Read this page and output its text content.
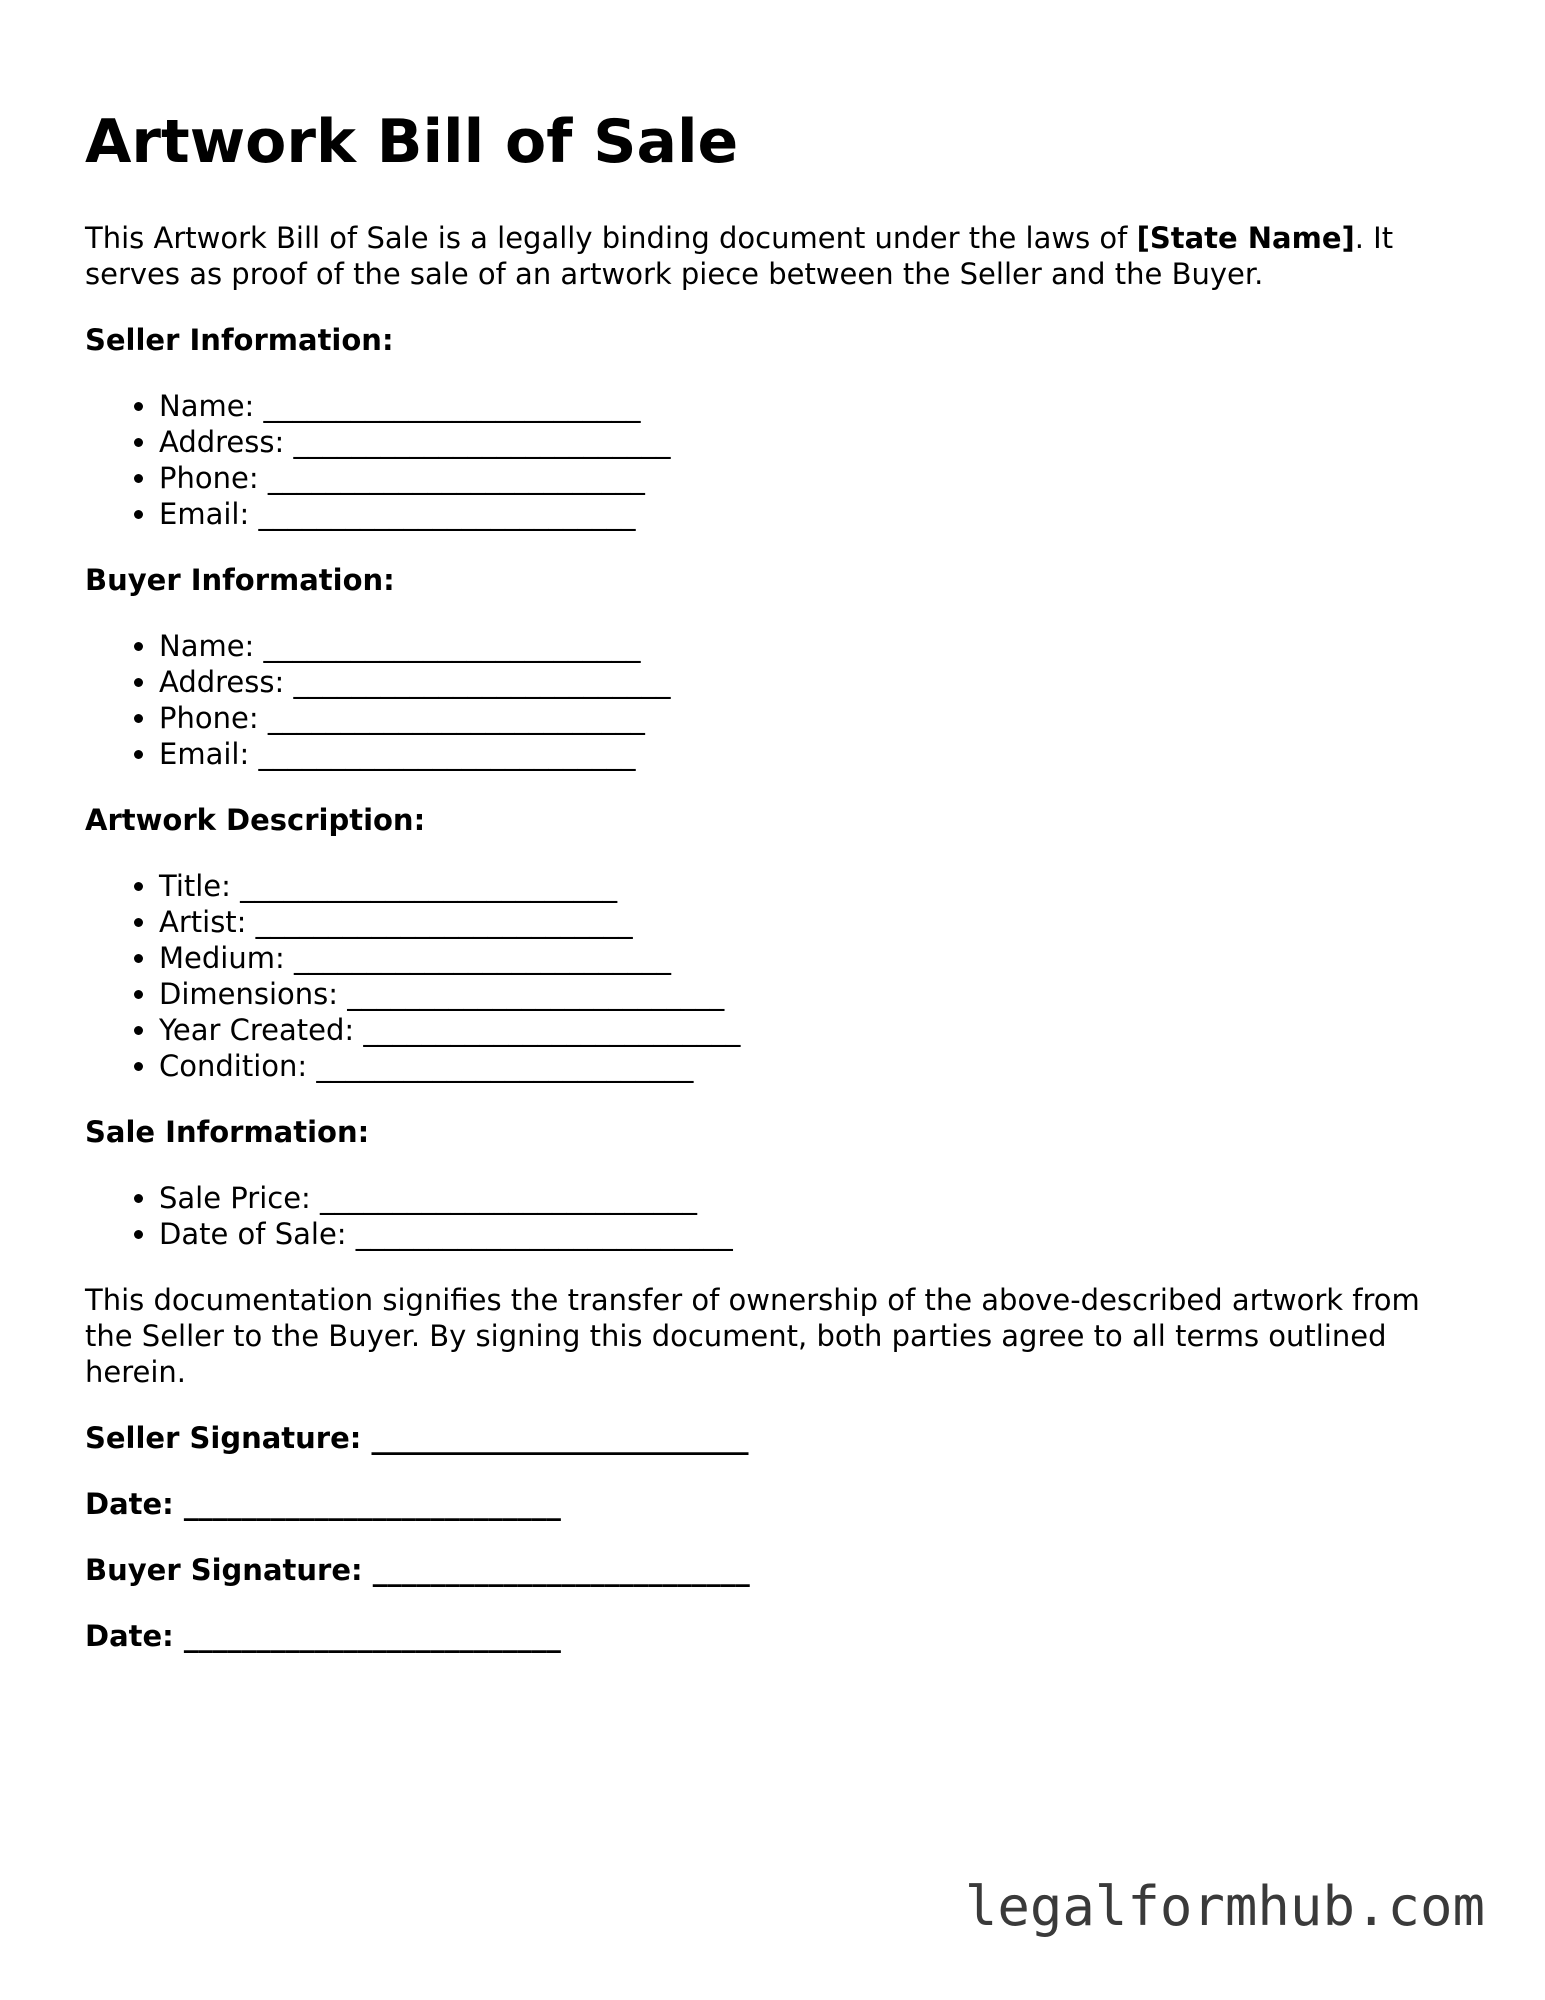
Artwork Bill of Sale

This Artwork Bill of Sale is a legally binding document under the laws of [State Name]. It serves as proof of the sale of an artwork piece between the Seller and the Buyer.

Seller Information:
• Name: __________________________
• Address: __________________________
• Phone: __________________________
• Email: __________________________
Buyer Information:
• Name: __________________________
• Address: __________________________
• Phone: __________________________
• Email: __________________________
Artwork Description:
• Title: __________________________
• Artist: __________________________
• Medium: __________________________
• Dimensions: __________________________
• Year Created: __________________________
• Condition: __________________________
Sale Information:
• Sale Price: __________________________
• Date of Sale: __________________________

This documentation signifies the transfer of ownership of the above-described artwork from the Seller to the Buyer. By signing this document, both parties agree to all terms outlined herein.

Seller Signature: __________________________
Date: __________________________
Buyer Signature: __________________________
Date: __________________________
legalformhub.com
